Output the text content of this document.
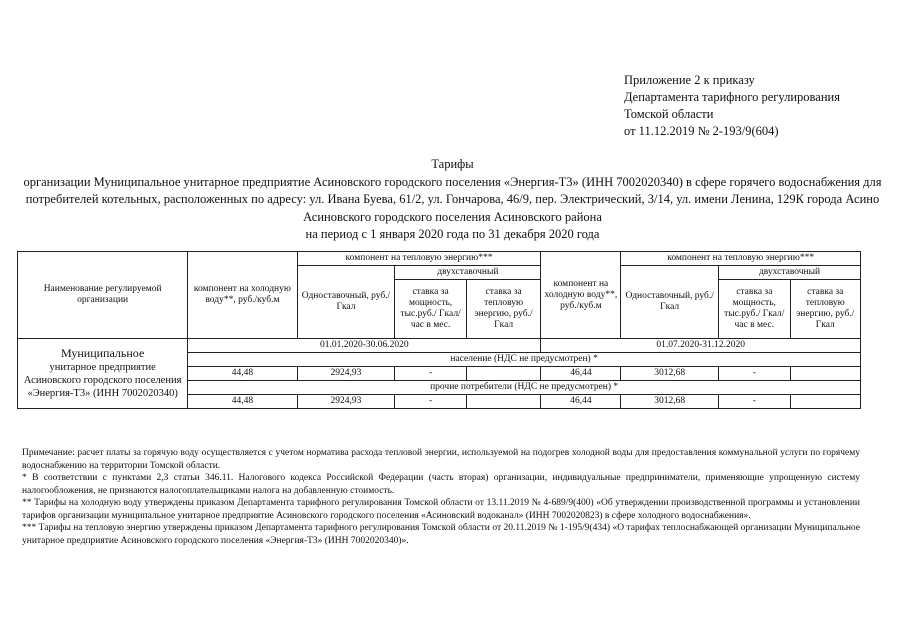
Приложение 2 к приказу
Департамента тарифного регулирования
Томской области
от 11.12.2019 № 2-193/9(604)
Тарифы
организации Муниципальное унитарное предприятие Асиновского городского поселения «Энергия-Т3» (ИНН 7002020340) в сфере горячего водоснабжения для потребителей котельных, расположенных по адресу: ул. Ивана Буева, 61/2, ул. Гончарова, 46/9, пер. Электрический, 3/14, ул. имени Ленина, 129К города Асино Асиновского городского поселения Асиновского района
на период с 1 января 2020 года по 31 декабря 2020 года
Наименование регулируемой организации	компонент на холодную воду**, руб./куб.м	компонент на тепловую энергию***			компонент на холодную воду**, руб./куб.м	компонент на тепловую энергию***		
		Одноставочный, руб./Гкал	двухставочный			Одноставочный, руб./Гкал	двухставочный	
			ставка за мощность, тыс.руб./ Гкал/час в мес.	ставка за тепловую энергию, руб./Гкал			ставка за мощность, тыс.руб./ Гкал/час в мес.	ставка за тепловую энергию, руб./Гкал
Муниципальное
унитарное предприятие Асиновского городского поселения «Энергия-Т3» (ИНН 7002020340)	01.01.2020-30.06.2020				01.07.2020-31.12.2020			
	население (НДС не предусмотрен) *							
	44,48	2924,93	-		46,44	3012,68	-	
	прочие потребители (НДС не предусмотрен) *							
	44,48	2924,93	-		46,44	3012,68	-	

Примечание: расчет платы за горячую воду осуществляется с учетом норматива расхода тепловой энергии, используемой на подогрев холодной воды для предоставления коммунальной услуги по горячему водоснабжению на территории Томской области.

* В соответствии с пунктами 2,3 статьи 346.11. Налогового кодекса Российской Федерации (часть вторая) организации, индивидуальные предприниматели, применяющие упрощенную систему налогообложения, не признаются налогоплательщиками налога на добавленную стоимость.

** Тарифы на холодную воду утверждены приказом Департамента тарифного регулирования Томской области от 13.11.2019 № 4-689/9(400) «Об утверждении производственной программы и установлении тарифов организации муниципальное унитарное предприятие Асиновского городского поселения «Асиновский водоканал» (ИНН 7002020823) в сфере холодного водоснабжения».

*** Тарифы на тепловую энергию утверждены приказом Департамента тарифного регулирования Томской области от 20.11.2019 № 1-195/9(434) «О тарифах теплоснабжающей организации Муниципальное унитарное предприятие Асиновского городского поселения «Энергия-Т3» (ИНН 7002020340)».
